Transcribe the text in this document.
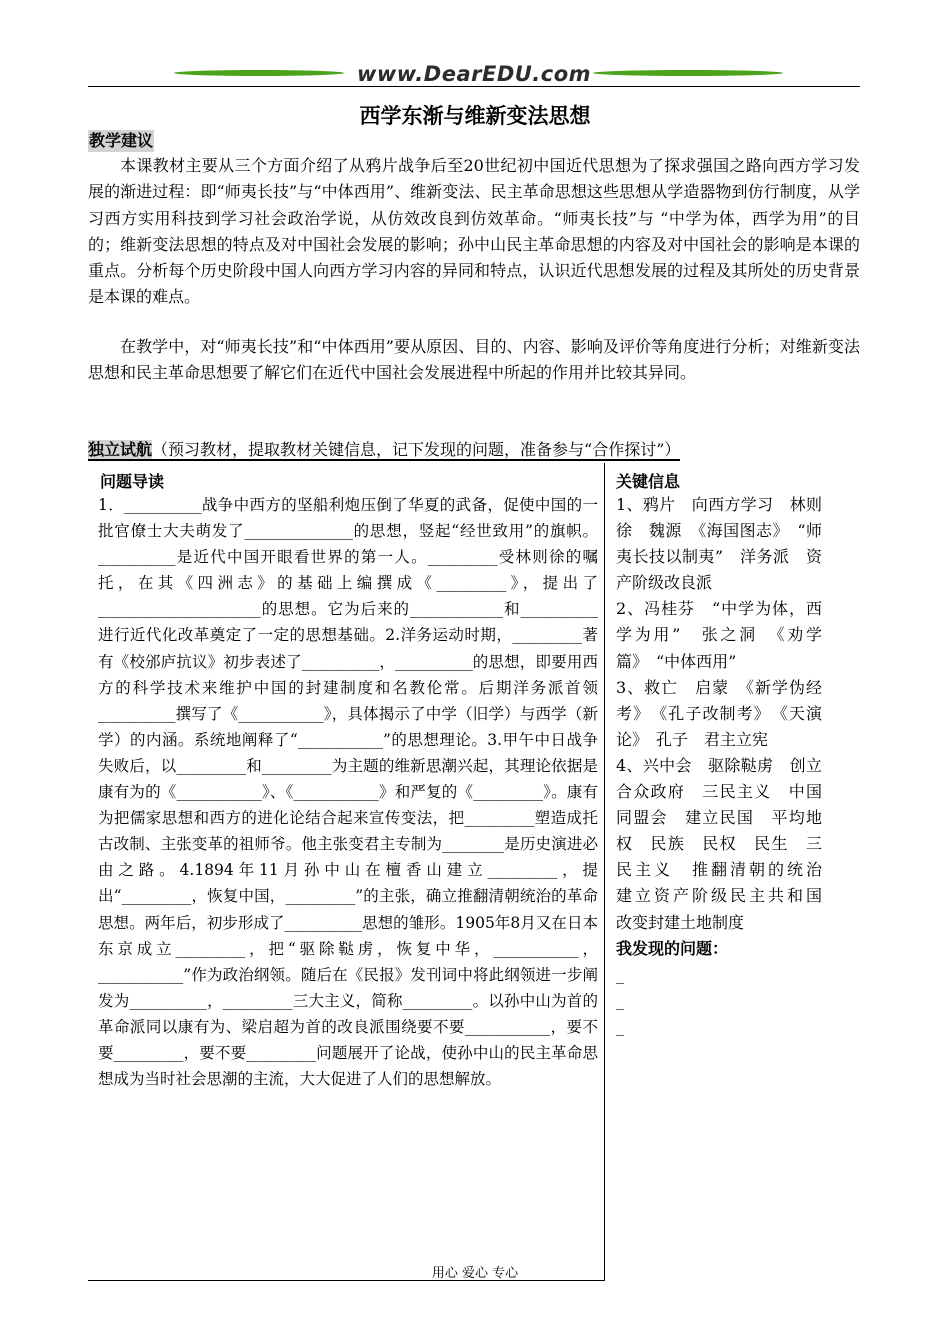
www.DearEDU.com
西学东渐与维新变法思想
教学建议
本课教材主要从三个方面介绍了从鸦片战争后至20世纪初中国近代思想为了探求强国之路向西方学习发展的渐进过程：即“师夷长技”与“中体西用”、维新变法、民主革命思想这些思想从学造器物到仿行制度，从学习西方实用科技到学习社会政治学说，从仿效改良到仿效革命。“师夷长技”与 “中学为体，西学为用”的目的；维新变法思想的特点及对中国社会发展的影响；孙中山民主革命思想的内容及对中国社会的影响是本课的重点。分析每个历史阶段中国人向西方学习内容的异同和特点，认识近代思想发展的过程及其所处的历史背景是本课的难点。
在教学中，对“师夷长技”和“中体西用”要从原因、目的、内容、影响及评价等角度进行分析；对维新变法思想和民主革命思想要了解它们在近代中国社会发展进程中所起的作用并比较其异同。
独立试航（预习教材，提取教材关键信息，记下发现的问题，准备参与“合作探讨”）
问题导读
1．__________战争中西方的坚船利炮压倒了华夏的武备，促使中国的一批官僚士大夫萌发了______________的思想，竖起“经世致用”的旗帜。__________是近代中国开眼看世界的第一人。_________受林则徐的嘱托，在其《四洲志》的基础上编撰成《_________》，提出了_____________________的思想。它为后来的____________和__________进行近代化改革奠定了一定的思想基础。2.洋务运动时期，_________著有《校邠庐抗议》初步表述了__________，__________的思想，即要用西方的科学技术来维护中国的封建制度和名教伦常。后期洋务派首领__________撰写了《___________》，具体揭示了中学（旧学）与西学（新学）的内涵。系统地阐释了“___________”的思想理论。3.甲午中日战争失败后，以_________和_________为主题的维新思潮兴起，其理论依据是康有为的《___________》、《___________》和严复的《_________》。康有为把儒家思想和西方的进化论结合起来宣传变法，把_________塑造成托古改制、主张变革的祖师爷。他主张变君主专制为________是历史演进必由之路。4.1894年11月孙中山在檀香山建立_________，提出“_________，恢复中国，_________”的主张，确立推翻清朝统治的革命思想。两年后，初步形成了__________思想的雏形。1905年8月又在日本东京成立_________，把“驱除鞑虏，恢复中华，___________，___________”作为政治纲领。随后在《民报》发刊词中将此纲领进一步阐发为__________，_________三大主义，简称_________。以孙中山为首的革命派同以康有为、梁启超为首的改良派围绕要不要___________，要不要_________，要不要_________问题展开了论战，使孙中山的民主革命思想成为当时社会思潮的主流，大大促进了人们的思想解放。
关键信息
1、鸦片　向西方学习　林则徐　魏源　《海国图志》　“师夷长技以制夷”　洋务派　资产阶级改良派
2、冯桂芬　“中学为体，西学为用”　张之洞　《劝学篇》　“中体西用”
3、救亡　启蒙　《新学伪经考》　《孔子改制考》　《天演论》　孔子　君主立宪
4、兴中会　驱除鞑虏　创立合众政府　三民主义　中国同盟会　建立民国　平均地权　民族　民权　民生　三民主义　推翻清朝的统治　建立资产阶级民主共和国　改变封建土地制度
我发现的问题：
_
_
_
用心 爱心 专心
